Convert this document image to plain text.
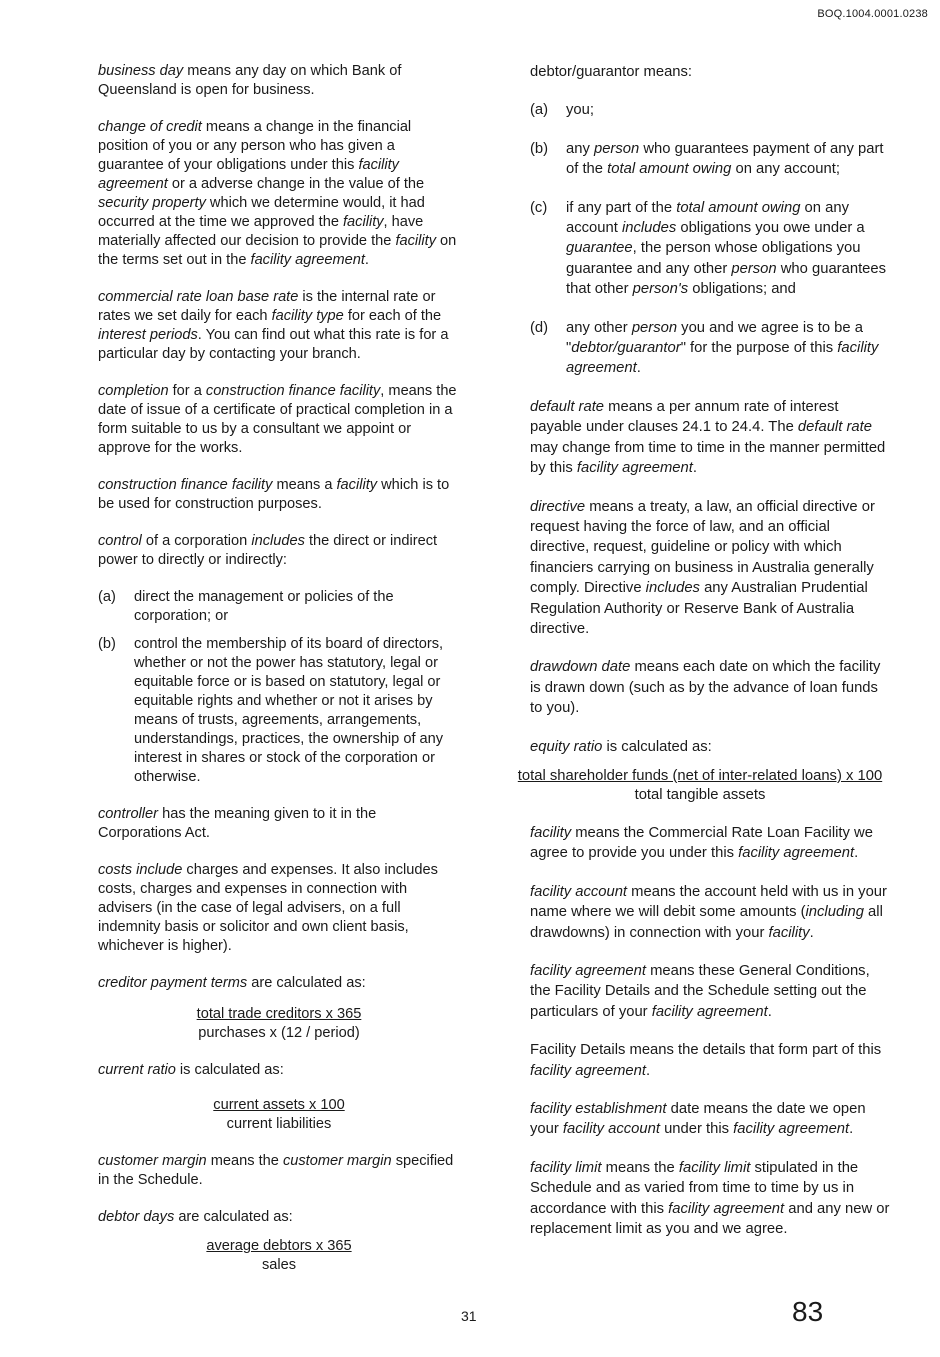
BOQ.1004.0001.0238

business day means any day on which Bank of Queensland is open for business.

change of credit means a change in the financial position of you or any person who has given a guarantee of your obligations under this facility agreement or a adverse change in the value of the security property which we determine would, it had occurred at the time we approved the facility, have materially affected our decision to provide the facility on the terms set out in the facility agreement.

commercial rate loan base rate is the internal rate or rates we set daily for each facility type for each of the interest periods. You can find out what this rate is for a particular day by contacting your branch.

completion for a construction finance facility, means the date of issue of a certificate of practical completion in a form suitable to us by a consultant we appoint or approve for the works.

construction finance facility means a facility which is to be used for construction purposes.

control of a corporation includes the direct or indirect power to directly or indirectly:

(a)	direct the management or policies of the corporation; or
(b)	control the membership of its board of directors, whether or not the power has statutory, legal or equitable force or is based on statutory, legal or equitable rights and whether or not it arises by means of trusts, agreements, arrangements, understandings, practices, the ownership of any interest in shares or stock of the corporation or otherwise.

controller has the meaning given to it in the Corporations Act.

costs include charges and expenses. It also includes costs, charges and expenses in connection with advisers (in the case of legal advisers, on a full indemnity basis or solicitor and own client basis, whichever is higher).

creditor payment terms are calculated as:

total trade creditors x 365
purchases x (12 / period)

current ratio is calculated as:

current assets x 100
current liabilities

customer margin means the customer margin specified in the Schedule.

debtor days are calculated as:

average debtors x 365
sales

debtor/guarantor means:

(a)	you;
(b)	any person who guarantees payment of any part of the total amount owing on any account;
(c)	if any part of the total amount owing on any account includes obligations you owe under a guarantee, the person whose obligations you guarantee and any other person who guarantees that other person's obligations; and
(d)	any other person you and we agree is to be a "debtor/guarantor" for the purpose of this facility agreement.

default rate means a per annum rate of interest payable under clauses 24.1 to 24.4. The default rate may change from time to time in the manner permitted by this facility agreement.

directive means a treaty, a law, an official directive or request having the force of law, and an official directive, request, guideline or policy with which financiers carrying on business in Australia generally comply. Directive includes any Australian Prudential Regulation Authority or Reserve Bank of Australia directive.

drawdown date means each date on which the facility is drawn down (such as by the advance of loan funds to you).

equity ratio is calculated as:

total shareholder funds (net of inter-related loans) x 100
total tangible assets

facility means the Commercial Rate Loan Facility we agree to provide you under this facility agreement.

facility account means the account held with us in your name where we will debit some amounts (including all drawdowns) in connection with your facility.

facility agreement means these General Conditions, the Facility Details and the Schedule setting out the particulars of your facility agreement.

Facility Details means the details that form part of this facility agreement.

facility establishment date means the date we open your facility account under this facility agreement.

facility limit means the facility limit stipulated in the Schedule and as varied from time to time by us in accordance with this facility agreement and any new or replacement limit as you and we agree.

31	83
